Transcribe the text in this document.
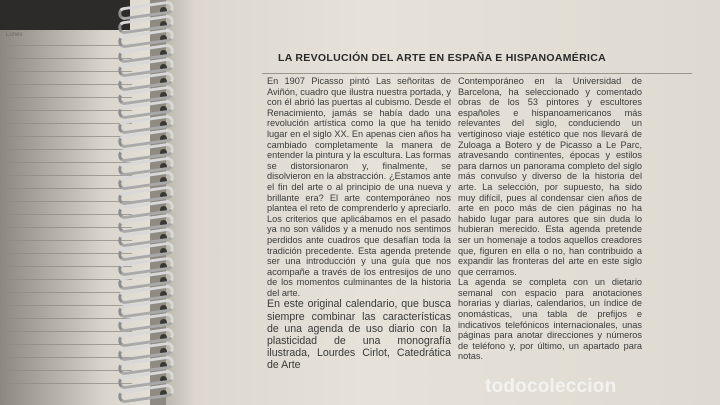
Lunes
LA REVOLUCIÓN DEL ARTE EN ESPAÑA E HISPANOAMÉRICA

En 1907 Picasso pintó Las señoritas de Aviñón, cuadro que ilustra nuestra portada, y con él abrió las puertas al cubismo. Desde el Renacimiento, jamás se había dado una revolución artística como la que ha tenido lugar en el siglo XX. En apenas cien años ha cambiado completamente la manera de entender la pintura y la escultura. Las formas se distorsionaron y, finalmente, se disolvieron en la abstracción. ¿Estamos ante el fin del arte o al principio de una nueva y brillante era? El arte contemporáneo nos plantea el reto de comprenderlo y apreciarlo. Los criterios que aplicábamos en el pasado ya no son válidos y a menudo nos sentimos perdidos ante cuadros que desafían toda la tradición precedente. Esta agenda pretende ser una introducción y una guía que nos acompañe a través de los entresijos de uno de los momentos culminantes de la historia del arte.

En este original calendario, que busca siempre combinar las características de una agenda de uso diario con la plasticidad de una monografía ilustrada, Lourdes Cirlot, Catedrática de Arte

Contemporáneo en la Universidad de Barcelona, ha seleccionado y comentado obras de los 53 pintores y escultores españoles e hispanoamericanos más relevantes del siglo, conduciendo un vertiginoso viaje estético que nos llevará de Zuloaga a Botero y de Picasso a Le Parc, atravesando continentes, épocas y estilos para darnos un panorama completo del siglo más convulso y diverso de la historia del arte. La selección, por supuesto, ha sido muy difícil, pues al condensar cien años de arte en poco más de cien páginas no ha habido lugar para autores que sin duda lo hubieran merecido. Esta agenda pretende ser un homenaje a todos aquellos creadores que, figuren en ella o no, han contribuido a expandir las fronteras del arte en este siglo que cerramos.

La agenda se completa con un dietario semanal con espacio para anotaciones horarias y diarias, calendarios, un índice de onomásticas, una tabla de prefijos e indicativos telefónicos internacionales, unas páginas para anotar direcciones y números de teléfono y, por último, un apartado para notas.

todocoleccion
